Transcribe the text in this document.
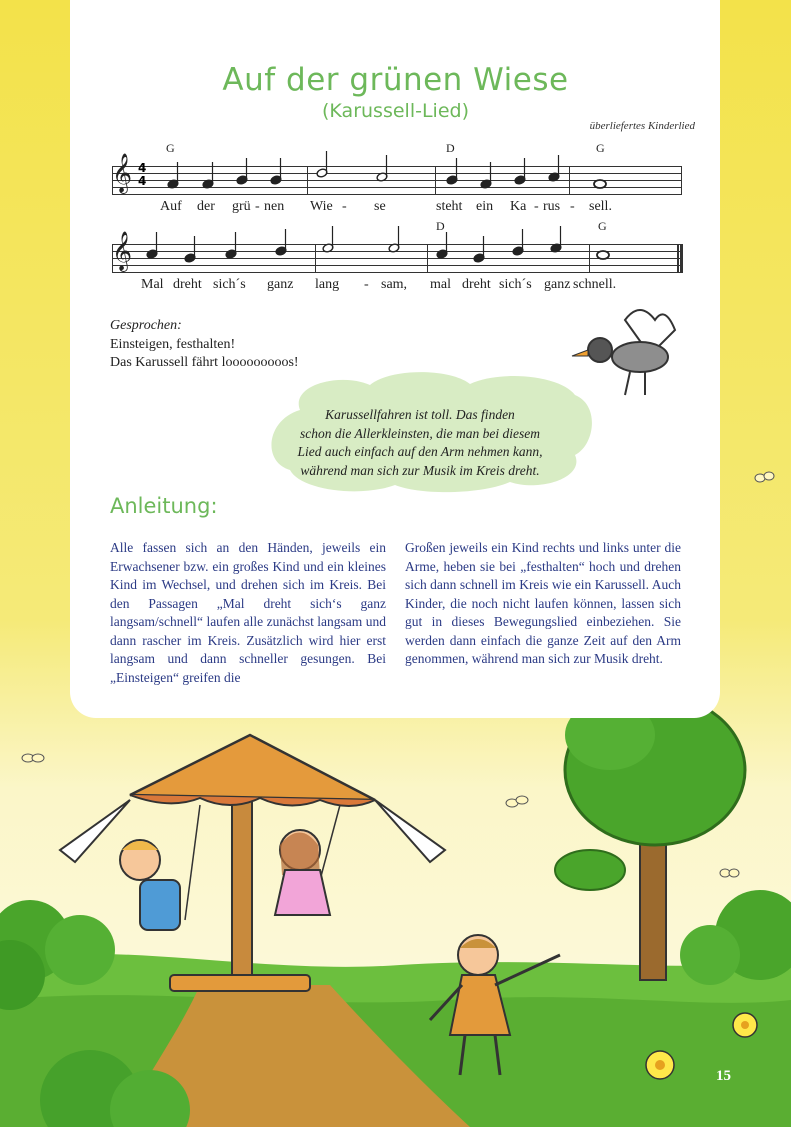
Auf der grünen Wiese
(Karussell-Lied)
überliefertes Kinderlied
G	D	G
𝄞 4
4
Auf der grü - nen Wie - se	steht ein Ka - rus - sell.
D	G
𝄞
Mal dreht sich´s ganz lang - sam, mal dreht sich´s ganz schnell.
Gesprochen:
Einsteigen, festhalten!
Das Karussell fährt looooooooos!
Karussellfahren ist toll. Das finden
schon die Allerkleinsten, die man bei diesem
Lied auch einfach auf den Arm nehmen kann,
während man sich zur Musik im Kreis dreht.
Anleitung:
Alle fassen sich an den Händen, jeweils ein Erwachsener bzw. ein großes Kind und ein kleines Kind im Wechsel, und drehen sich im Kreis. Bei den Passagen „Mal dreht sich‘s ganz langsam/schnell“ laufen alle zunächst langsam und dann rascher im Kreis. Zusätzlich wird hier erst langsam und dann schneller gesungen. Bei „Einsteigen“ greifen die
Großen jeweils ein Kind rechts und links unter die Arme, heben sie bei „festhalten“ hoch und drehen sich dann schnell im Kreis wie ein Karussell. Auch Kinder, die noch nicht laufen können, lassen sich gut in dieses Bewegungslied einbeziehen. Sie werden dann einfach die ganze Zeit auf den Arm genommen, während man sich zur Musik dreht.
15
